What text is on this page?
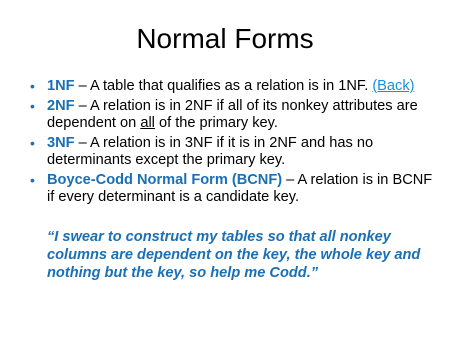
Normal Forms
• 1NF – A table that qualifies as a relation is in 1NF. (Back)
• 2NF – A relation is in 2NF if all of its nonkey attributes are dependent on all of the primary key.
• 3NF – A relation is in 3NF if it is in 2NF and has no determinants except the primary key.
• Boyce-Codd Normal Form (BCNF) – A relation is in BCNF if every determinant is a candidate key.
“I swear to construct my tables so that all nonkey columns are dependent on the key, the whole key and nothing but the key, so help me Codd.”
